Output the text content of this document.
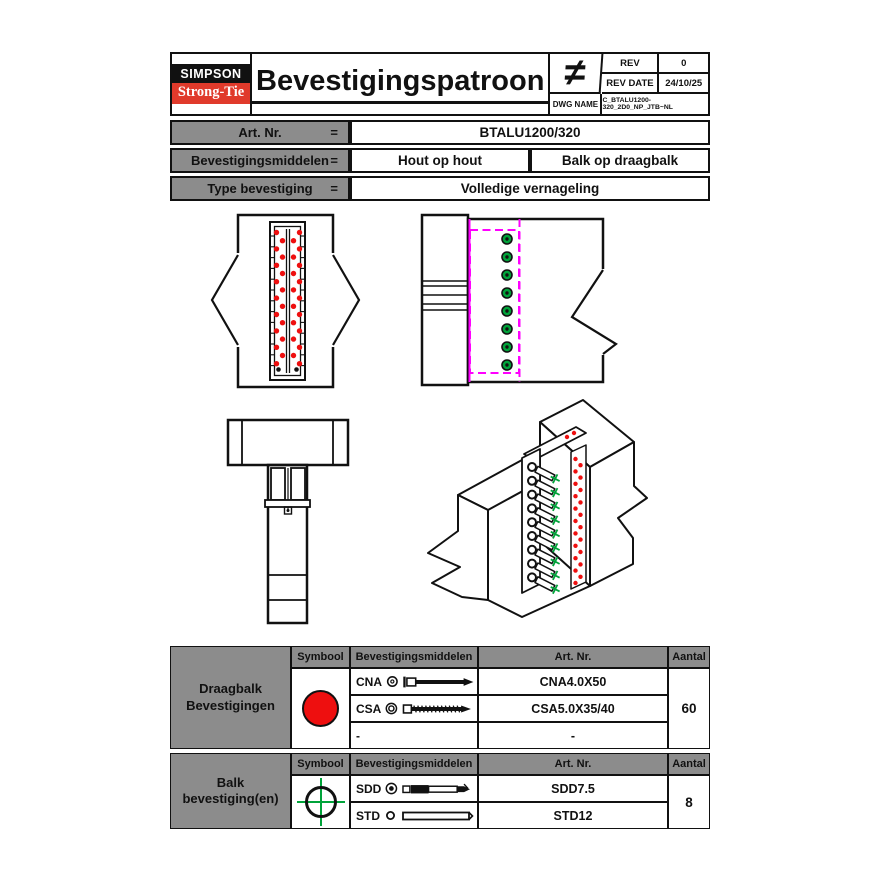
SIMPSON
Strong-Tie Bevestigingspatroon ≠	REV	0
REV DATE	24/10/25
DWG NAME C_BTALU1200-320_2D0_NP_JTB~NL
Art. Nr.	=	BTALU1200/320
Bevestigingsmiddelen =	Hout op hout	Balk op draagbalk
Type bevestiging =	Volledige vernageling
Draagbalk Bevestigingen
Symbool	Bevestigingsmiddelen	Art. Nr.	Aantal
CNA	CNA4.0X50
CSA	CSA5.0X35/40
-	-
60
Balk bevestiging(en)
Symbool	Bevestigingsmiddelen	Art. Nr.	Aantal
SDD	SDD7.5
STD	STD12
8
